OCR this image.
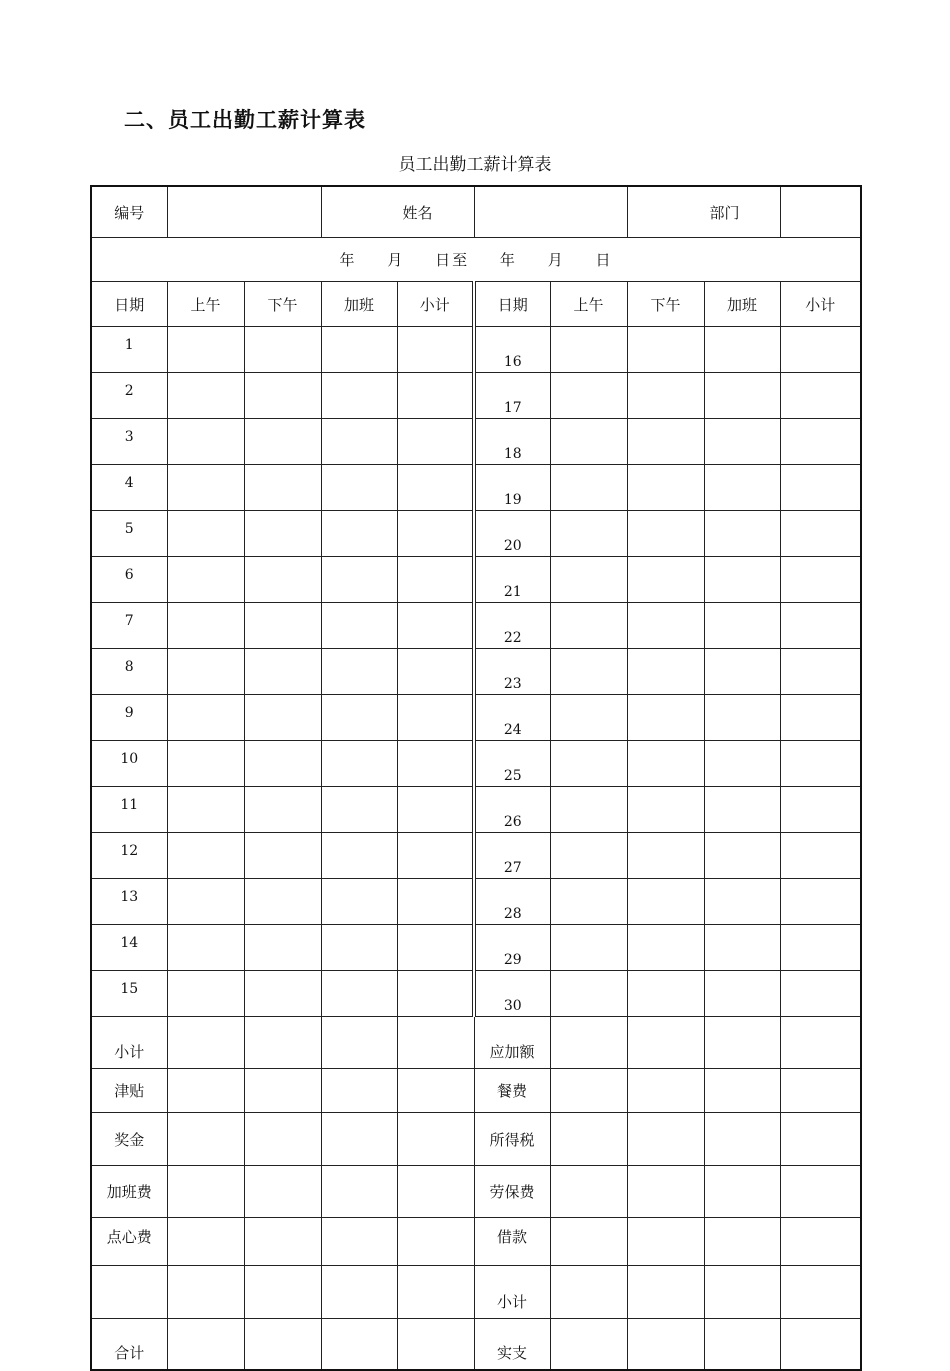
二、员工出勤工薪计算表
员工出勤工薪计算表
编号			姓名				部门		
年 月 日至 年 月 日									
日期	上午	下午	加班	小计	日期	上午	下午	加班	小计
1					16				
2					17				
3					18				
4					19				
5					20				
6					21				
7					22				
8					23				
9					24				
10					25				
11					26				
12					27				
13					28				
14					29				
15					30				
小计					应加额				
津贴					餐费				
奖金					所得税				
加班费					劳保费				
点心费					借款				
					小计				
合计					实支				
